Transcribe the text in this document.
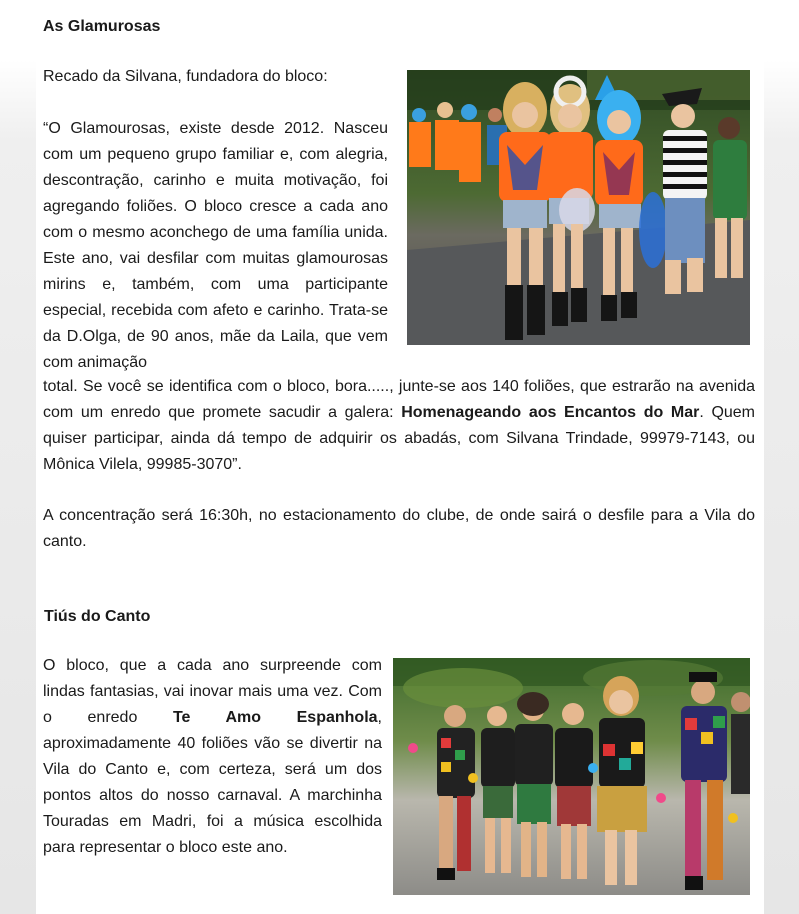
As Glamurosas
Recado da Silvana, fundadora do bloco:
“O Glamourosas, existe desde 2012. Nasceu com um pequeno grupo familiar e, com alegria, descontração, carinho e muita motivação, foi agregando foliões. O bloco cresce a cada ano com o mesmo aconchego de uma família unida. Este ano, vai desfilar com muitas glamourosas mirins e, também, com uma participante especial, recebida com afeto e carinho. Trata-se da D.Olga, de 90 anos, mãe da Laila, que vem com animação

total. Se você se identifica com o bloco, bora....., junte-se aos 140 foliões, que estrarão na avenida com um enredo que promete sacudir a galera: Homenageando aos Encantos do Mar. Quem quiser participar, ainda dá tempo de adquirir os abadás, com Silvana Trindade, 99979-7143, ou Mônica Vilela, 99985-3070”.

A concentração será 16:30h, no estacionamento do clube, de onde sairá o desfile para a Vila do canto.

Tiús do Canto

O bloco, que a cada ano surpreende com lindas fantasias, vai inovar mais uma vez. Com o enredo Te Amo Espanhola, aproximadamente 40 foliões vão se divertir na Vila do Canto e, com certeza, será um dos pontos altos do nosso carnaval. A marchinha Touradas em Madri, foi a música escolhida para representar o bloco este ano.
